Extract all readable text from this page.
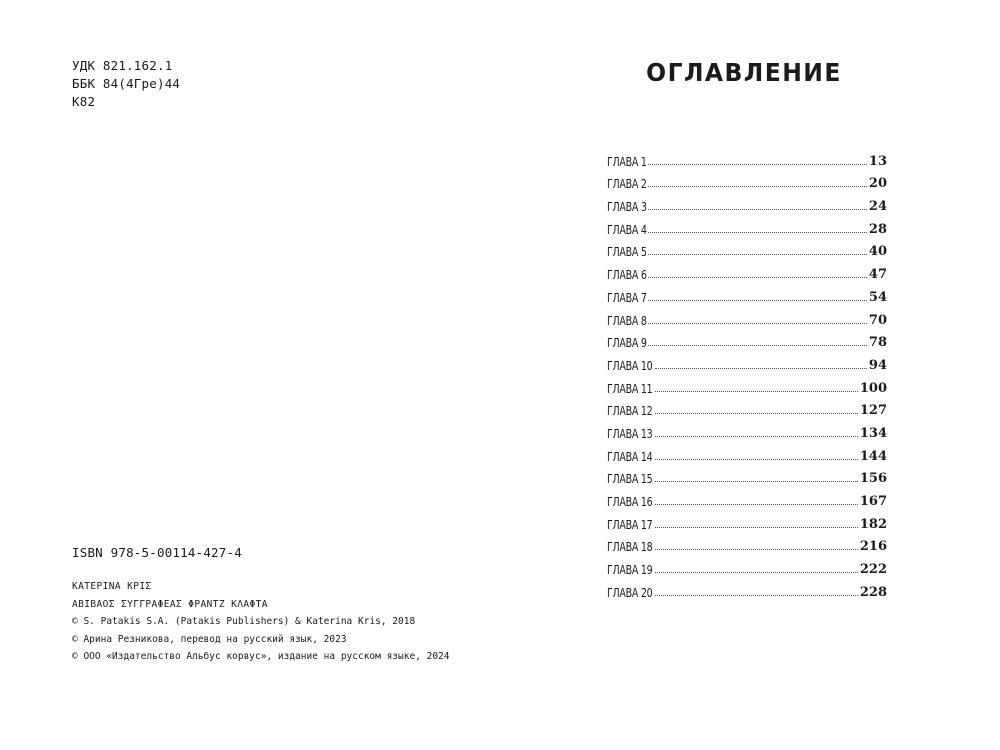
УДК 821.162.1
ББК 84(4Гре)44
К82
ISBN 978-5-00114-427-4
КΑΤΕΡΙΝΑ ΚΡΙΣ
ΑΒΙΒΑΟΣ ΣΥΓΓΡΑΦΕΑΣ ΦΡΑΝΤΖ ΚΛΑΦΤΑ
© S. Patakis S.A. (Patakis Publishers) & Katerina Kris, 2018
© Арина Резникова, перевод на русский язык, 2023
© ООО «Издательство Альбус корвус», издание на русском языке, 2024
ОГЛАВЛЕНИЕ
ГЛАВА 1	13
ГЛАВА 2	20
ГЛАВА 3	24
ГЛАВА 4	28
ГЛАВА 5	40
ГЛАВА 6	47
ГЛАВА 7	54
ГЛАВА 8	70
ГЛАВА 9	78
ГЛАВА 10	94
ГЛАВА 11	100
ГЛАВА 12	127
ГЛАВА 13	134
ГЛАВА 14	144
ГЛАВА 15	156
ГЛАВА 16	167
ГЛАВА 17	182
ГЛАВА 18	216
ГЛАВА 19	222
ГЛАВА 20	228
